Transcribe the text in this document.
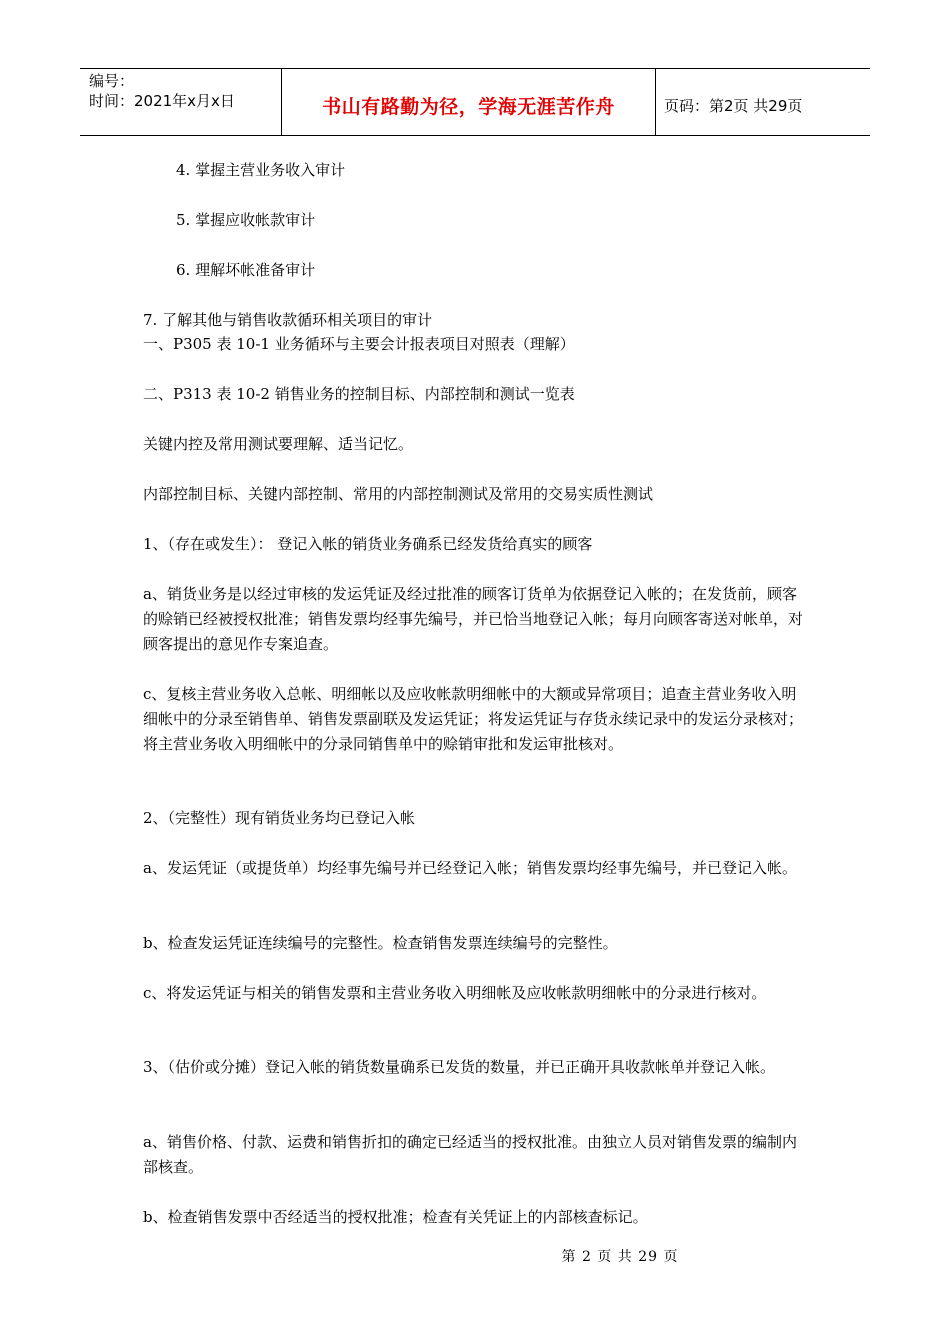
编号：
时间：2021年x月x日	书山有路勤为径，学海无涯苦作舟	页码：第2页 共29页

4. 掌握主营业务收入审计

5. 掌握应收帐款审计

6. 理解坏帐准备审计

7. 了解其他与销售收款循环相关项目的审计

一、P305 表 10-1 业务循环与主要会计报表项目对照表（理解）

二、P313 表 10-2 销售业务的控制目标、内部控制和测试一览表

关键内控及常用测试要理解、适当记忆。

内部控制目标、关键内部控制、常用的内部控制测试及常用的交易实质性测试

1、（存在或发生）： 登记入帐的销货业务确系已经发货给真实的顾客

a、销货业务是以经过审核的发运凭证及经过批准的顾客订货单为依据登记入帐的；在发货前，顾客的赊销已经被授权批准；销售发票均经事先编号，并已恰当地登记入帐；每月向顾客寄送对帐单，对顾客提出的意见作专案追查。

c、复核主营业务收入总帐、明细帐以及应收帐款明细帐中的大额或异常项目；追查主营业务收入明细帐中的分录至销售单、销售发票副联及发运凭证；将发运凭证与存货永续记录中的发运分录核对；将主营业务收入明细帐中的分录同销售单中的赊销审批和发运审批核对。

2、（完整性）现有销货业务均已登记入帐

a、发运凭证（或提货单）均经事先编号并已经登记入帐；销售发票均经事先编号，并已登记入帐。

b、检查发运凭证连续编号的完整性。检查销售发票连续编号的完整性。

c、将发运凭证与相关的销售发票和主营业务收入明细帐及应收帐款明细帐中的分录进行核对。

3、（估价或分摊）登记入帐的销货数量确系已发货的数量，并已正确开具收款帐单并登记入帐。

a、销售价格、付款、运费和销售折扣的确定已经适当的授权批准。由独立人员对销售发票的编制内部核查。

b、检查销售发票中否经适当的授权批准；检查有关凭证上的内部核查标记。

第 2 页 共 29 页
